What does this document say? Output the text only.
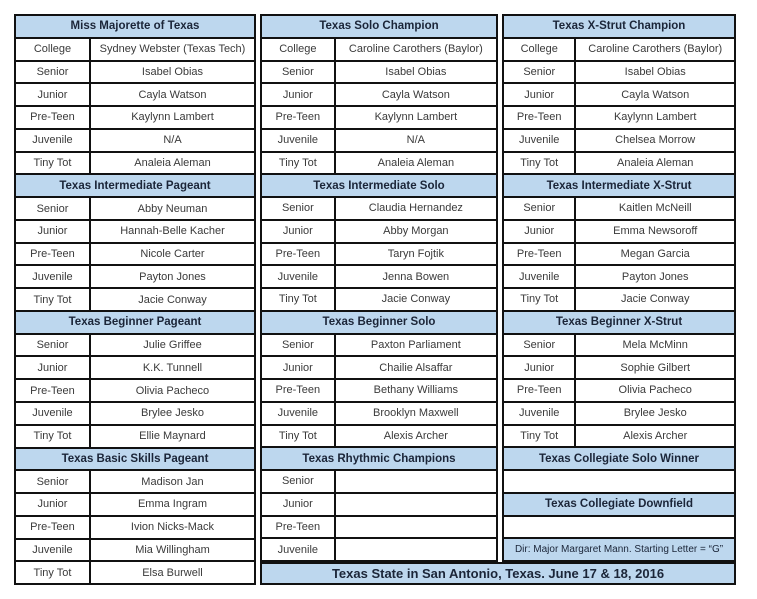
Miss Majorette of Texas
College	Sydney Webster (Texas Tech)
Senior	Isabel Obias
Junior	Cayla Watson
Pre-Teen	Kaylynn Lambert
Juvenile	N/A
Tiny Tot	Analeia Aleman
Texas Intermediate Pageant
Senior	Abby Neuman
Junior	Hannah-Belle Kacher
Pre-Teen	Nicole Carter
Juvenile	Payton Jones
Tiny Tot	Jacie Conway
Texas Beginner Pageant
Senior	Julie Griffee
Junior	K.K. Tunnell
Pre-Teen	Olivia Pacheco
Juvenile	Brylee Jesko
Tiny Tot	Ellie Maynard
Texas Basic Skills Pageant
Senior	Madison Jan
Junior	Emma Ingram
Pre-Teen	Ivion Nicks-Mack
Juvenile	Mia Willingham
Tiny Tot	Elsa Burwell
Texas Solo Champion
College	Caroline Carothers (Baylor)
Senior	Isabel Obias
Junior	Cayla Watson
Pre-Teen	Kaylynn Lambert
Juvenile	N/A
Tiny Tot	Analeia Aleman
Texas Intermediate Solo
Senior	Claudia Hernandez
Junior	Abby Morgan
Pre-Teen	Taryn Fojtik
Juvenile	Jenna Bowen
Tiny Tot	Jacie Conway
Texas Beginner Solo
Senior	Paxton Parliament
Junior	Chailie Alsaffar
Pre-Teen	Bethany Williams
Juvenile	Brooklyn Maxwell
Tiny Tot	Alexis Archer
Texas Rhythmic Champions
Senior
Junior
Pre-Teen
Juvenile
Texas X-Strut Champion
College	Caroline Carothers (Baylor)
Senior	Isabel Obias
Junior	Cayla Watson
Pre-Teen	Kaylynn Lambert
Juvenile	Chelsea Morrow
Tiny Tot	Analeia Aleman
Texas Intermediate X-Strut
Senior	Kaitlen McNeill
Junior	Emma Newsoroff
Pre-Teen	Megan Garcia
Juvenile	Payton Jones
Tiny Tot	Jacie Conway
Texas Beginner X-Strut
Senior	Mela McMinn
Junior	Sophie Gilbert
Pre-Teen	Olivia Pacheco
Juvenile	Brylee Jesko
Tiny Tot	Alexis Archer
Texas Collegiate Solo Winner
Texas Collegiate Downfield
Dir: Major Margaret Mann. Starting Letter = “G”
Texas State in San Antonio, Texas. June 17 & 18, 2016
